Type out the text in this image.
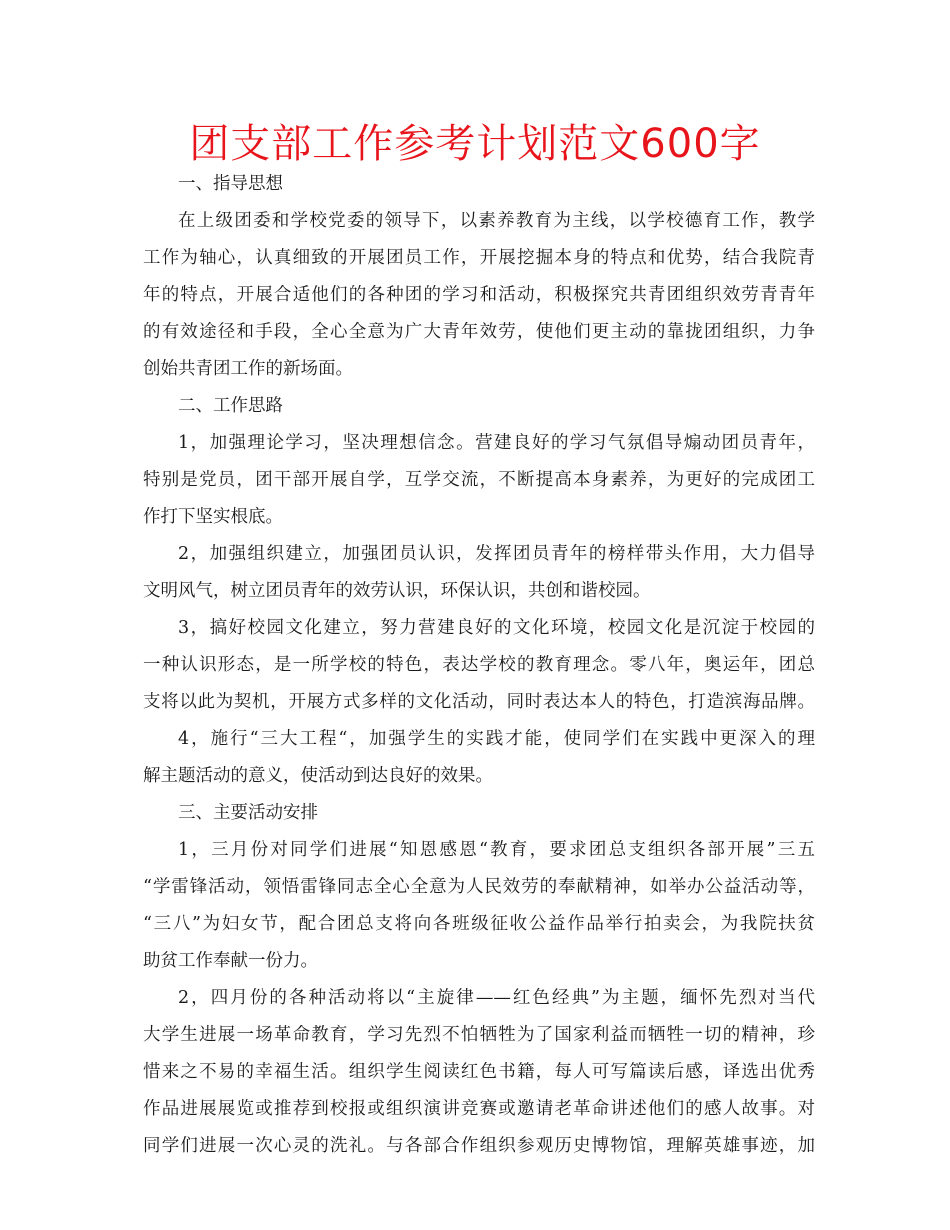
团支部工作参考计划范文600字
一、指导思想
在上级团委和学校党委的领导下，以素养教育为主线，以学校德育工作，教学
工作为轴心，认真细致的开展团员工作，开展挖掘本身的特点和优势，结合我院青
年的特点，开展合适他们的各种团的学习和活动，积极探究共青团组织效劳青青年
的有效途径和手段，全心全意为广大青年效劳，使他们更主动的靠拢团组织，力争
创始共青团工作的新场面。
二、工作思路
1，加强理论学习，坚决理想信念。营建良好的学习气氛倡导煽动团员青年，
特别是党员，团干部开展自学，互学交流，不断提高本身素养，为更好的完成团工
作打下坚实根底。
2，加强组织建立，加强团员认识，发挥团员青年的榜样带头作用，大力倡导
文明风气，树立团员青年的效劳认识，环保认识，共创和谐校园。
3，搞好校园文化建立，努力营建良好的文化环境，校园文化是沉淀于校园的
一种认识形态，是一所学校的特色，表达学校的教育理念。零八年，奥运年，团总
支将以此为契机，开展方式多样的文化活动，同时表达本人的特色，打造滨海品牌。
4，施行“三大工程“，加强学生的实践才能，使同学们在实践中更深入的理
解主题活动的意义，使活动到达良好的效果。
三、主要活动安排
1，三月份对同学们进展“知恩感恩“教育，要求团总支组织各部开展”三五
“学雷锋活动，领悟雷锋同志全心全意为人民效劳的奉献精神，如举办公益活动等，
“三八”为妇女节，配合团总支将向各班级征收公益作品举行拍卖会，为我院扶贫
助贫工作奉献一份力。
2，四月份的各种活动将以“主旋律——红色经典”为主题，缅怀先烈对当代
大学生进展一场革命教育，学习先烈不怕牺牲为了国家利益而牺牲一切的精神，珍
惜来之不易的幸福生活。组织学生阅读红色书籍，每人可写篇读后感，译选出优秀
作品进展展览或推荐到校报或组织演讲竞赛或邀请老革命讲述他们的感人故事。对
同学们进展一次心灵的洗礼。与各部合作组织参观历史博物馆，理解英雄事迹，加
